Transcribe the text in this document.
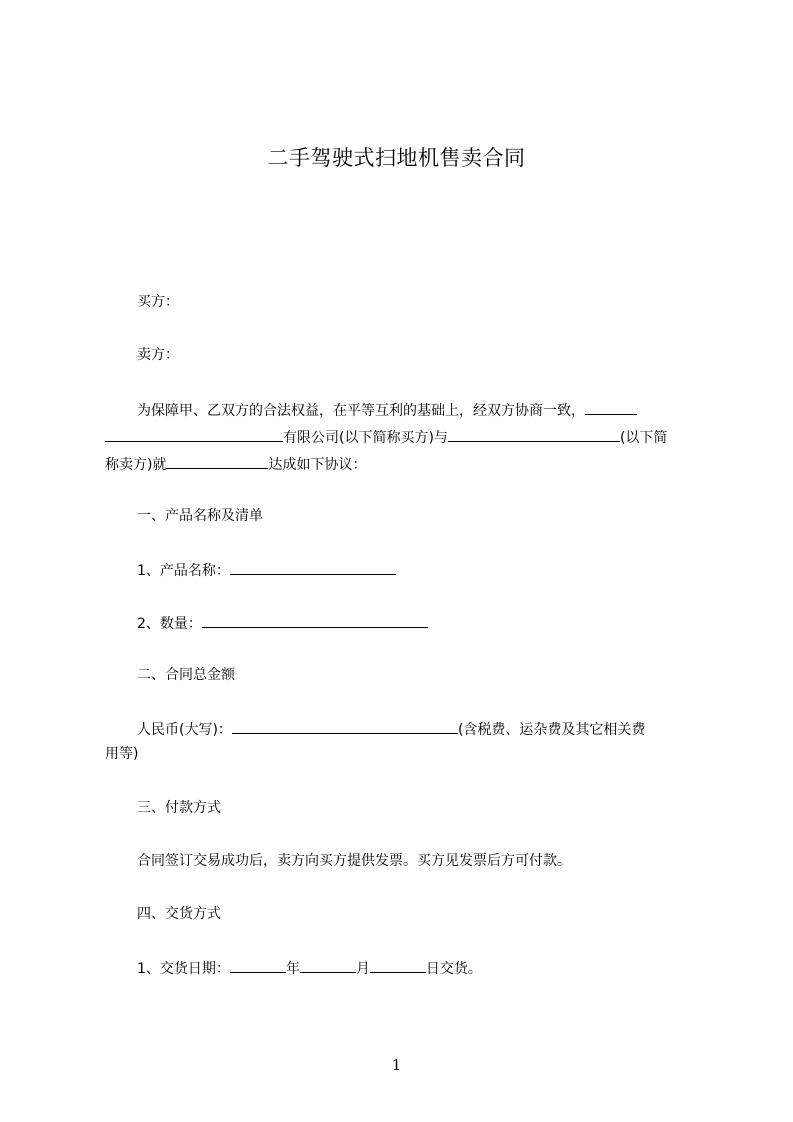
二手驾驶式扫地机售卖合同

买方：

卖方：

为保障甲、乙双方的合法权益，在平等互利的基础上，经双方协商一致，

有限公司(以下简称买方)与	(以下简

称卖方)就	达成如下协议：

一、产品名称及清单

1、产品名称：

2、数量：

二、合同总金额

人民币(大写)：	(含税费、运杂费及其它相关费

用等)

三、付款方式

合同签订交易成功后，卖方向买方提供发票。买方见发票后方可付款。

四、交货方式

1、交货日期：	年	月	日交货。

1
